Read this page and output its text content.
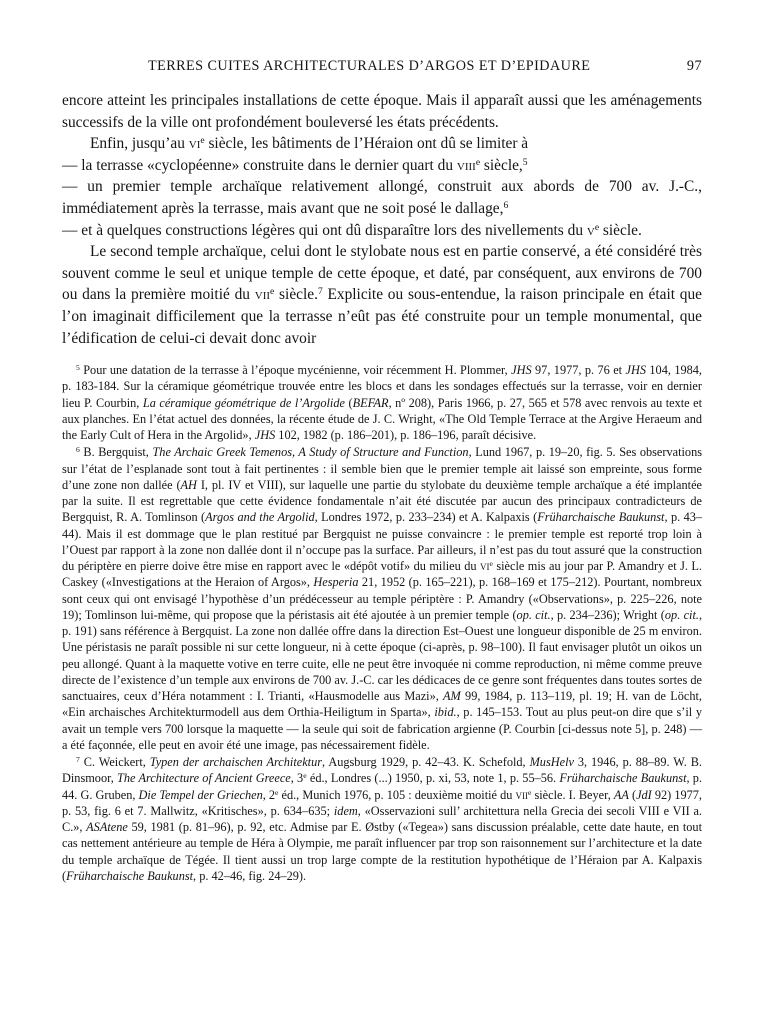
TERRES CUITES ARCHITECTURALES D’ARGOS ET D’EPIDAURE	97

encore atteint les principales installations de cette époque. Mais il apparaît aussi que les aménagements successifs de la ville ont profondément bouleversé les états précédents.

Enfin, jusqu’au $vi^e$ siècle, les bâtiments de l’Héraion ont dû se limiter à

— la terrasse «cyclopéenne» construite dans le dernier quart du viii$^e$ siècle,$^5$

— un premier temple archaïque relativement allongé, construit aux abords de 700 av. J.-C., immédiatement après la terrasse, mais avant que ne soit posé le dallage,$^6$

— et à quelques constructions légères qui ont dû disparaître lors des nivellements du $v^e$ siècle.

Le second temple archaïque, celui dont le stylobate nous est en partie conservé, a été considéré très souvent comme le seul et unique temple de cette époque, et daté, par conséquent, aux environs de 700 ou dans la première moitié du vii$^e$ siècle.$^7$ Explicite ou sous-entendue, la raison principale en était que l’on imaginait difficilement que la terrasse n’eût pas été construite pour un temple monumental, que l’édification de celui-ci devait donc avoir

$^5$ Pour une datation de la terrasse à l’époque mycénienne, voir récemment H. Plommer, JHS 97, 1977, p. 76 et JHS 104, 1984, p. 183-184. Sur la céramique géométrique trouvée entre les blocs et dans les sondages effectués sur la terrasse, voir en dernier lieu P. Courbin, La céramique géométrique de l’Argolide (BEFAR, nº 208), Paris 1966, p. 27, 565 et 578 avec renvois au texte et aux planches. En l’état actuel des données, la récente étude de J. C. Wright, «The Old Temple Terrace at the Argive Heraeum and the Early Cult of Hera in the Argolid», JHS 102, 1982 (p. 186–201), p. 186–196, paraît décisive.

$^6$ B. Bergquist, The Archaic Greek Temenos, A Study of Structure and Function, Lund 1967, p. 19–20, fig. 5. Ses observations sur l’état de l’esplanade sont tout à fait pertinentes : il semble bien que le premier temple ait laissé son empreinte, sous forme d’une zone non dallée (AH I, pl. IV et VIII), sur laquelle une partie du stylobate du deuxième temple archaïque a été implantée par la suite. Il est regrettable que cette évidence fondamentale n’ait été discutée par aucun des principaux contradicteurs de Bergquist, R. A. Tomlinson (Argos and the Argolid, Londres 1972, p. 233–234) et A. Kalpaxis (Früharchaische Baukunst, p. 43–44). Mais il est dommage que le plan restitué par Bergquist ne puisse convaincre : le premier temple est reporté trop loin à l’Ouest par rapport à la zone non dallée dont il n’occupe pas la surface. Par ailleurs, il n’est pas du tout assuré que la construction du périptère en pierre doive être mise en rapport avec le «dépôt votif» du milieu du $vi^e$ siècle mis au jour par P. Amandry et J. L. Caskey («Investigations at the Heraion of Argos», Hesperia 21, 1952 (p. 165–221), p. 168–169 et 175–212). Pourtant, nombreux sont ceux qui ont envisagé l’hypothèse d’un prédécesseur au temple périptère : P. Amandry («Observations», p. 225–226, note 19); Tomlinson lui-même, qui propose que la péristasis ait été ajoutée à un premier temple (op. cit., p. 234–236); Wright (op. cit., p. 191) sans référence à Bergquist. La zone non dallée offre dans la direction Est–Ouest une longueur disponible de 25 m environ. Une péristasis ne paraît possible ni sur cette longueur, ni à cette époque (ci-après, p. 98–100). Il faut envisager plutôt un oikos un peu allongé. Quant à la maquette votive en terre cuite, elle ne peut être invoquée ni comme reproduction, ni même comme preuve directe de l’existence d’un temple aux environs de 700 av. J.-C. car les dédicaces de ce genre sont fréquentes dans toutes sortes de sanctuaires, ceux d’Héra notamment : I. Trianti, «Hausmodelle aus Mazi», AM 99, 1984, p. 113–119, pl. 19; H. van de Löcht, «Ein archaisches Architekturmodell aus dem Orthia-Heiligtum in Sparta», ibid., p. 145–153. Tout au plus peut-on dire que s’il y avait un temple vers 700 lorsque la maquette — la seule qui soit de fabrication argienne (P. Courbin [ci-dessus note 5], p. 248) — a été façonnée, elle peut en avoir été une image, pas nécessairement fidèle.

$^7$ C. Weickert, Typen der archaischen Architektur, Augsburg 1929, p. 42–43. K. Schefold, MusHelv 3, 1946, p. 88–89. W. B. Dinsmoor, The Architecture of Ancient Greece, 3e éd., Londres (...) 1950, p. xi, 53, note 1, p. 55–56. Früharchaische Baukunst, p. 44. G. Gruben, Die Tempel der Griechen, 2e éd., Munich 1976, p. 105 : deuxième moitié du vii$^e$ siècle. I. Beyer, AA (JdI 92) 1977, p. 53, fig. 6 et 7. Mallwitz, «Kritisches», p. 634–635; idem, «Osservazioni sull’ architettura nella Grecia dei secoli VIII e VII a. C.», ASAtene 59, 1981 (p. 81–96), p. 92, etc. Admise par E. Østby («Tegea») sans discussion préalable, cette date haute, en tout cas nettement antérieure au temple de Héra à Olympie, me paraît influencer par trop son raisonnement sur l’architecture et la date du temple archaïque de Tégée. Il tient aussi un trop large compte de la restitution hypothétique de l’Héraion par A. Kalpaxis (Früharchaische Baukunst, p. 42–46, fig. 24–29).
